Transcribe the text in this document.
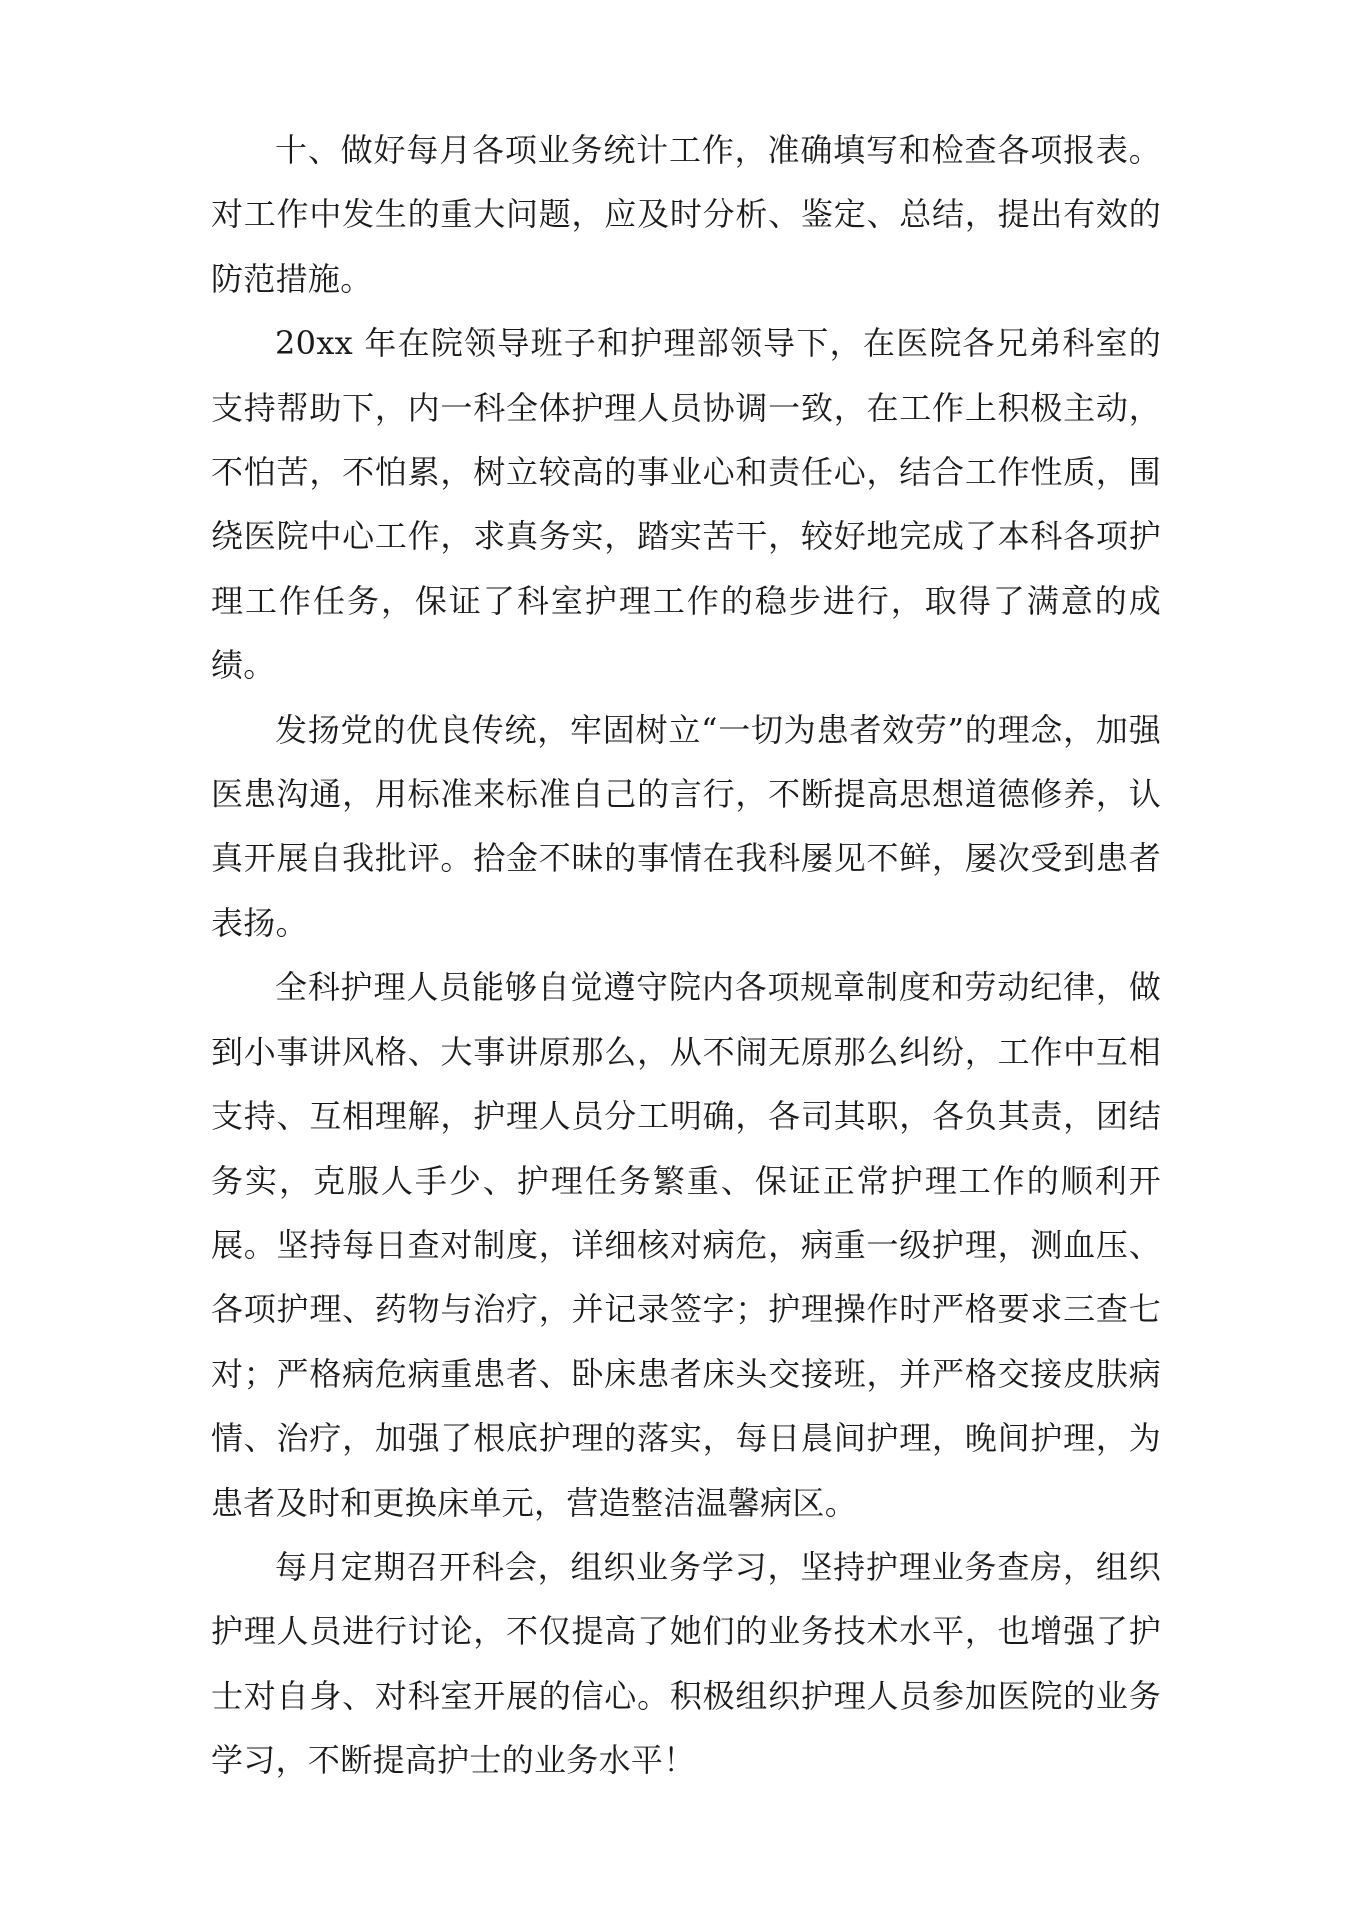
十、做好每月各项业务统计工作，准确填写和检查各项报表。对工作中发生的重大问题，应及时分析、鉴定、总结，提出有效的防范措施。

20xx 年在院领导班子和护理部领导下，在医院各兄弟科室的支持帮助下，内一科全体护理人员协调一致，在工作上积极主动，不怕苦，不怕累，树立较高的事业心和责任心，结合工作性质，围绕医院中心工作，求真务实，踏实苦干，较好地完成了本科各项护理工作任务，保证了科室护理工作的稳步进行，取得了满意的成绩。

发扬党的优良传统，牢固树立“一切为患者效劳”的理念，加强医患沟通，用标准来标准自己的言行，不断提高思想道德修养，认真开展自我批评。拾金不昧的事情在我科屡见不鲜，屡次受到患者表扬。

全科护理人员能够自觉遵守院内各项规章制度和劳动纪律，做到小事讲风格、大事讲原那么，从不闹无原那么纠纷，工作中互相支持、互相理解，护理人员分工明确，各司其职，各负其责，团结务实，克服人手少、护理任务繁重、保证正常护理工作的顺利开展。坚持每日查对制度，详细核对病危，病重一级护理，测血压、各项护理、药物与治疗，并记录签字；护理操作时严格要求三查七对；严格病危病重患者、卧床患者床头交接班，并严格交接皮肤病情、治疗，加强了根底护理的落实，每日晨间护理，晚间护理，为患者及时和更换床单元，营造整洁温馨病区。

每月定期召开科会，组织业务学习，坚持护理业务查房，组织护理人员进行讨论，不仅提高了她们的业务技术水平，也增强了护士对自身、对科室开展的信心。积极组织护理人员参加医院的业务学习，不断提高护士的业务水平！
